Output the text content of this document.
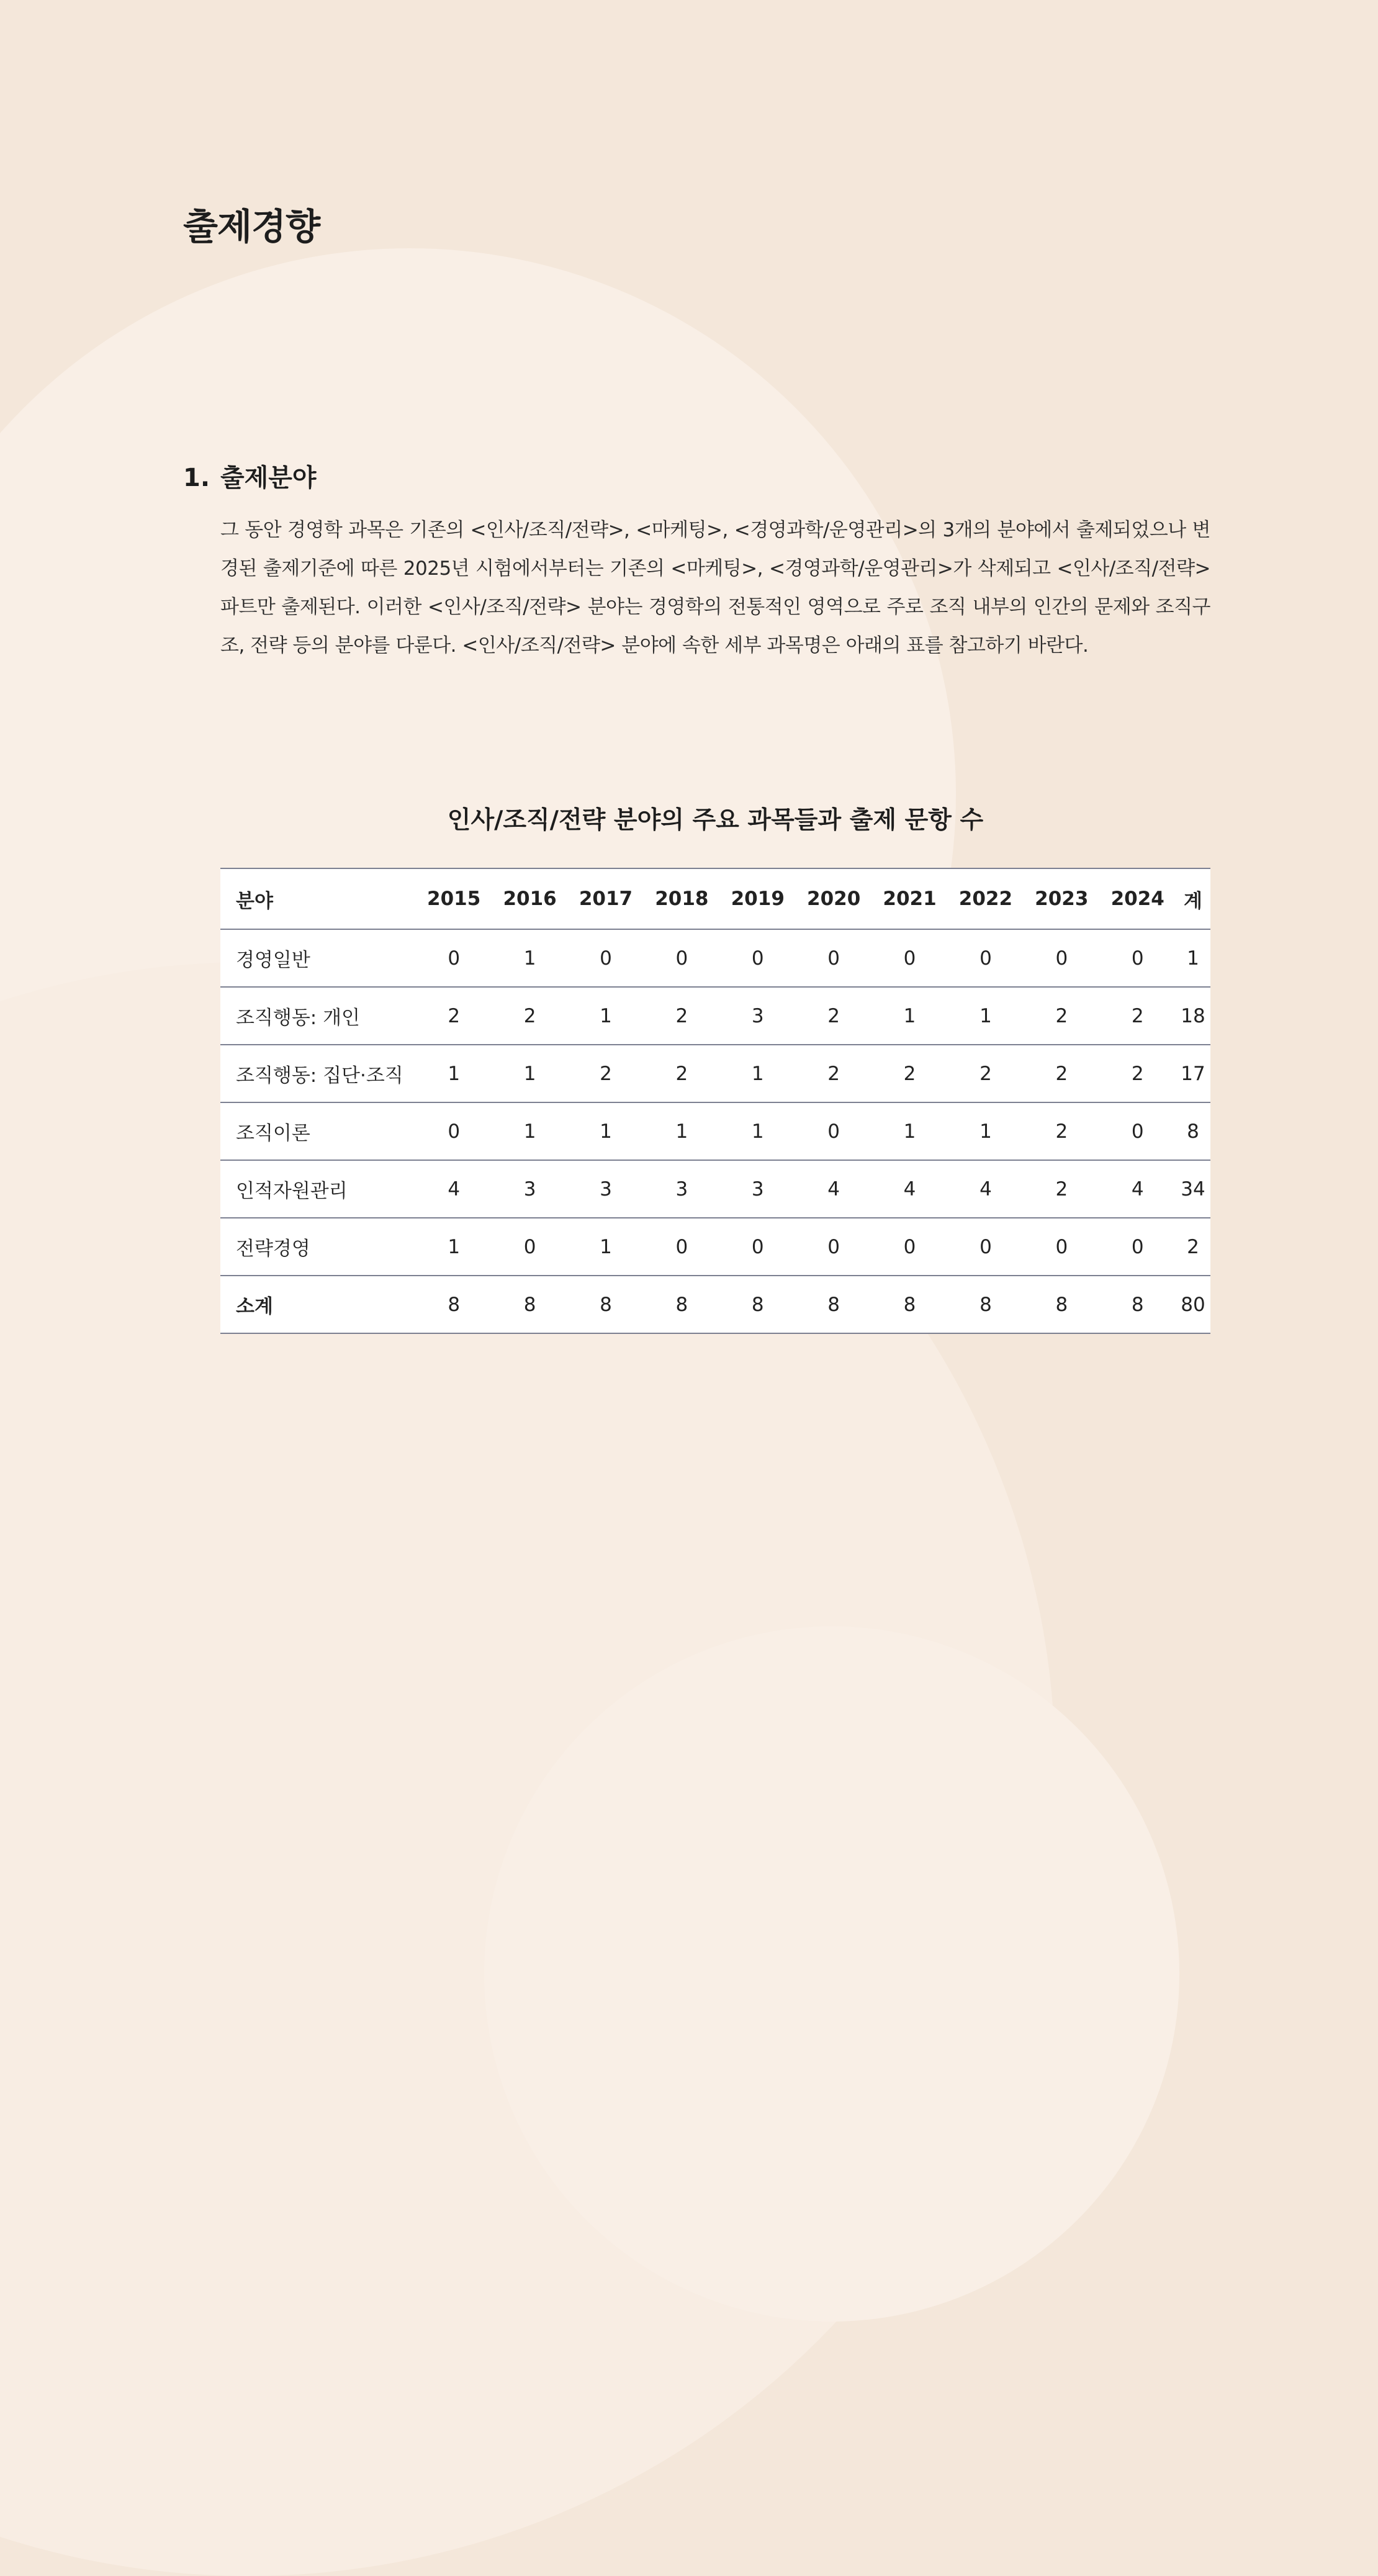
출제경향
1. 출제분야

그 동안 경영학 과목은 기존의 <인사/조직/전략>, <마케팅>, <경영과학/운영관리>의 3개의 분야에서 출제되었으나 변경된 출제기준에 따른 2025년 시험에서부터는 기존의 <마케팅>, <경영과학/운영관리>가 삭제되고 <인사/조직/전략> 파트만 출제된다. 이러한 <인사/조직/전략> 분야는 경영학의 전통적인 영역으로 주로 조직 내부의 인간의 문제와 조직구조, 전략 등의 분야를 다룬다. <인사/조직/전략> 분야에 속한 세부 과목명은 아래의 표를 참고하기 바란다.

인사/조직/전략 분야의 주요 과목들과 출제 문항 수
분야	2015	2016	2017	2018	2019	2020	2021	2022	2023	2024	계
경영일반	0	1	0	0	0	0	0	0	0	0	1
조직행동: 개인	2	2	1	2	3	2	1	1	2	2	18
조직행동: 집단·조직	1	1	2	2	1	2	2	2	2	2	17
조직이론	0	1	1	1	1	0	1	1	2	0	8
인적자원관리	4	3	3	3	3	4	4	4	2	4	34
전략경영	1	0	1	0	0	0	0	0	0	0	2
소계	8	8	8	8	8	8	8	8	8	8	80
